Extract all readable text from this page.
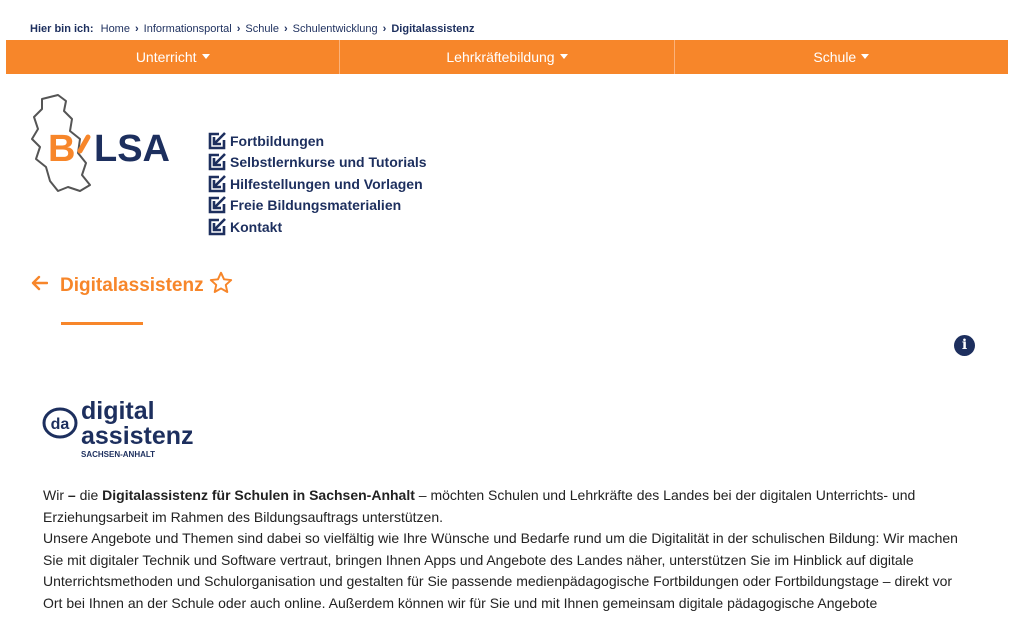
Hier bin ich: Home › Informationsportal › Schule › Schulentwicklung › Digitalassistenz
Unterricht	Lehrkräftebildung	Schule
B LSA	Fortbildungen
Selbstlernkurse und Tutorials
Hilfestellungen und Vorlagen
Freie Bildungsmaterialien
Kontakt
Digitalassistenz
i
da digital
assistenz
SACHSEN-ANHALT

Wir – die Digitalassistenz für Schulen in Sachsen-Anhalt – möchten Schulen und Lehrkräfte des Landes bei der digitalen Unterrichts- und Erziehungsarbeit im Rahmen des Bildungsauftrags unterstützen.

Unsere Angebote und Themen sind dabei so vielfältig wie Ihre Wünsche und Bedarfe rund um die Digitalität in der schulischen Bildung: Wir machen Sie mit digitaler Technik und Software vertraut, bringen Ihnen Apps und Angebote des Landes näher, unterstützen Sie im Hinblick auf digitale Unterrichtsmethoden und Schulorganisation und gestalten für Sie passende medienpädagogische Fortbildungen oder Fortbildungstage – direkt vor Ort bei Ihnen an der Schule oder auch online. Außerdem können wir für Sie und mit Ihnen gemeinsam digitale pädagogische Angebote
